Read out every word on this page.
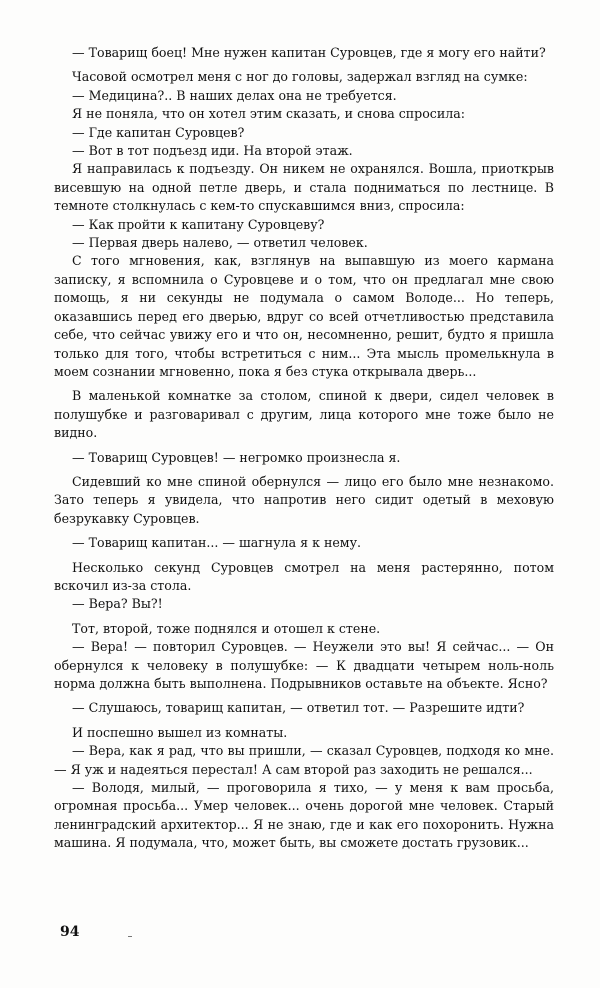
— Товарищ боец! Мне нужен капитан Суровцев, где я могу его найти?

Часовой осмотрел меня с ног до головы, задержал взгляд на сумке:

— Медицина?.. В наших делах она не требуется.

Я не поняла, что он хотел этим сказать, и снова спросила:

— Где капитан Суровцев?

— Вот в тот подъезд иди. На второй этаж.

Я направилась к подъезду. Он никем не охранялся. Вошла, приоткрыв висевшую на одной петле дверь, и стала подниматься по лестнице. В темноте столкнулась с кем-то спускавшимся вниз, спросила:

— Как пройти к капитану Суровцеву?

— Первая дверь налево, — ответил человек.

С того мгновения, как, взглянув на выпавшую из моего кармана записку, я вспомнила о Суровцеве и о том, что он предлагал мне свою помощь, я ни секунды не подумала о самом Володе... Но теперь, оказавшись перед его дверью, вдруг со всей отчетливостью представила себе, что сейчас увижу его и что он, несомненно, решит, будто я пришла только для того, чтобы встретиться с ним... Эта мысль промелькнула в моем сознании мгновенно, пока я без стука открывала дверь...

В маленькой комнатке за столом, спиной к двери, сидел человек в полушубке и разговаривал с другим, лица которого мне тоже было не видно.

— Товарищ Суровцев! — негромко произнесла я.

Сидевший ко мне спиной обернулся — лицо его было мне незнакомо. Зато теперь я увидела, что напротив него сидит одетый в меховую безрукавку Суровцев.

— Товарищ капитан... — шагнула я к нему.

Несколько секунд Суровцев смотрел на меня растерянно, потом вскочил из-за стола.

— Вера? Вы?!

Тот, второй, тоже поднялся и отошел к стене.

— Вера! — повторил Суровцев. — Неужели это вы! Я сейчас... — Он обернулся к человеку в полушубке: — К двадцати четырем ноль-ноль норма должна быть выполнена. Подрывников оставьте на объекте. Ясно?

— Слушаюсь, товарищ капитан, — ответил тот. — Разрешите идти?

И поспешно вышел из комнаты.

— Вера, как я рад, что вы пришли, — сказал Суровцев, подходя ко мне. — Я уж и надеяться перестал! А сам второй раз заходить не решался...

— Володя, милый, — проговорила я тихо, — у меня к вам просьба, огромная просьба... Умер человек... очень дорогой мне человек. Старый ленинградский архитектор... Я не знаю, где и как его похоронить. Нужна машина. Я подумала, что, может быть, вы сможете достать грузовик...

94
